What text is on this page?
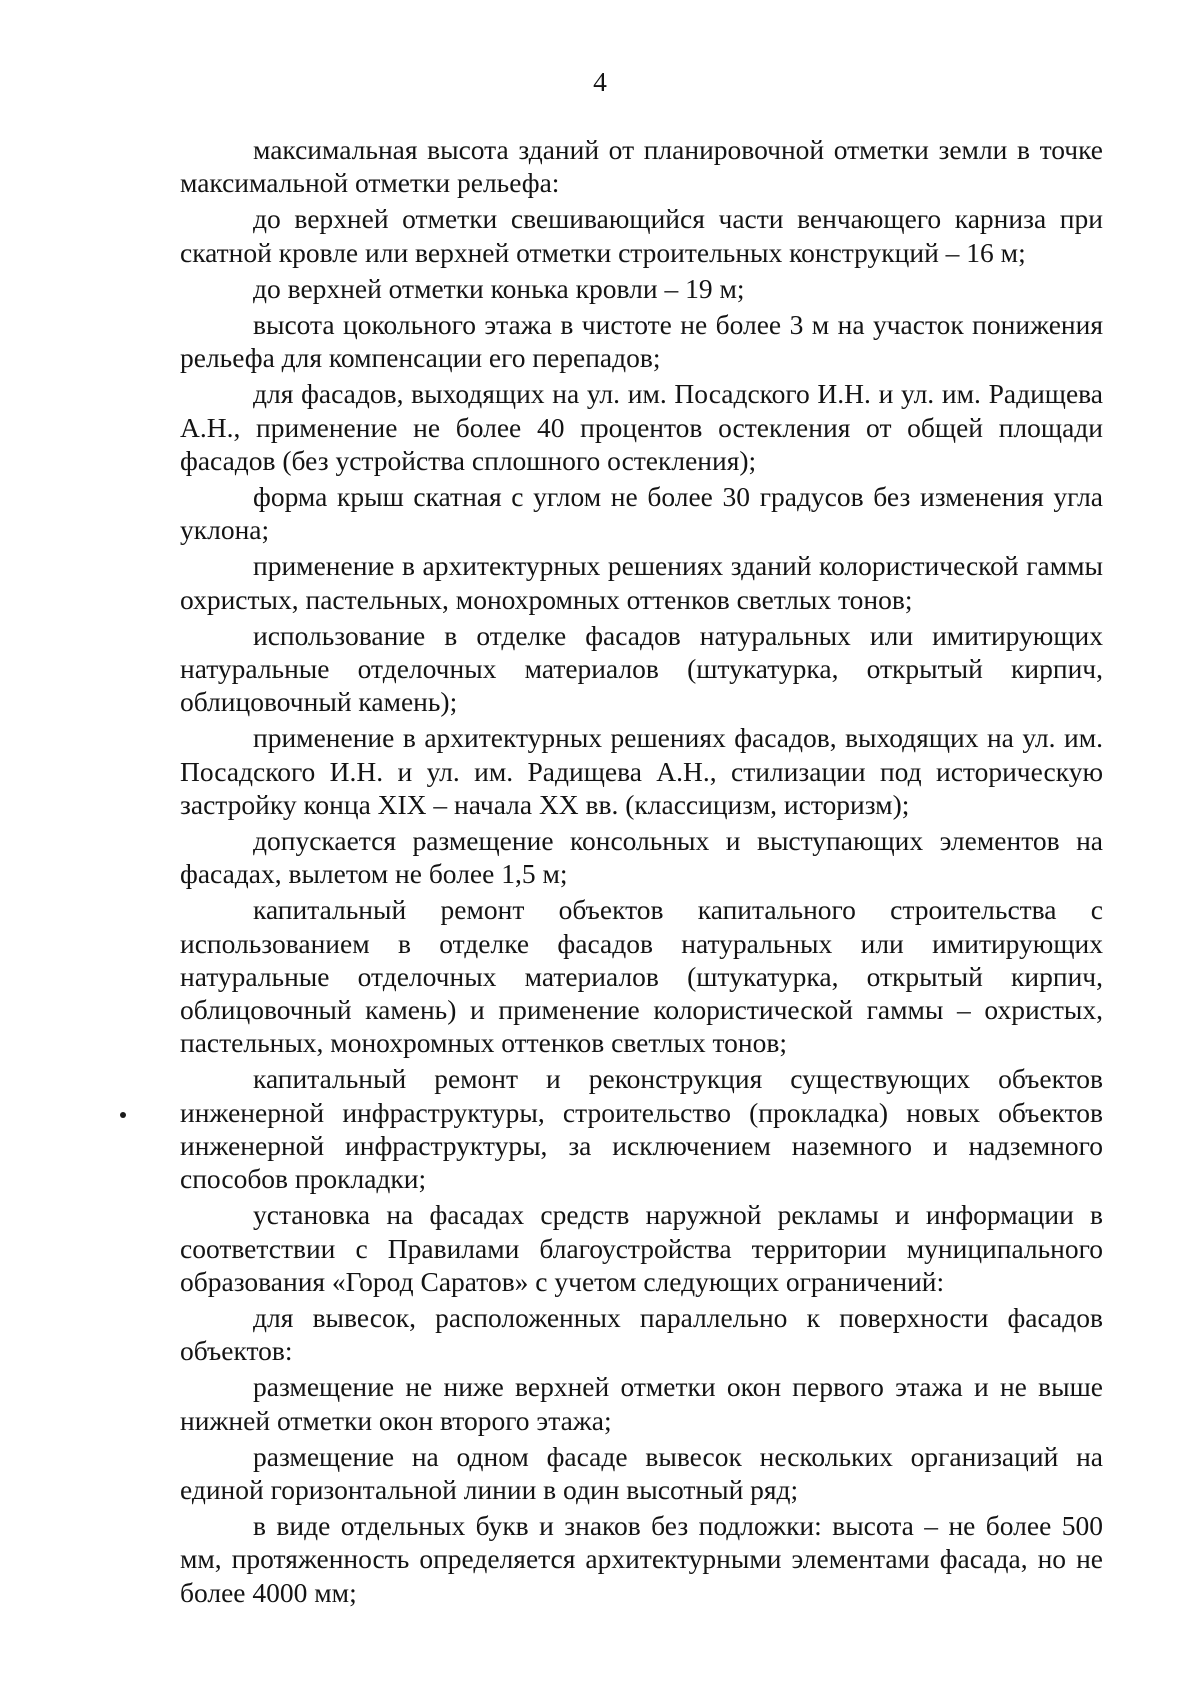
4

максимальная высота зданий от планировочной отметки земли в точке максимальной отметки рельефа:

до верхней отметки свешивающийся части венчающего карниза при скатной кровле или верхней отметки строительных конструкций – 16 м;

до верхней отметки конька кровли – 19 м;

высота цокольного этажа в чистоте не более 3 м на участок понижения рельефа для компенсации его перепадов;

для фасадов, выходящих на ул. им. Посадского И.Н. и ул. им. Радищева А.Н., применение не более 40 процентов остекления от общей площади фасадов (без устройства сплошного остекления);

форма крыш скатная с углом не более 30 градусов без изменения угла уклона;

применение в архитектурных решениях зданий колористической гаммы охристых, пастельных, монохромных оттенков светлых тонов;

использование в отделке фасадов натуральных или имитирующих натуральные отделочных материалов (штукатурка, открытый кирпич, облицовочный камень);

применение в архитектурных решениях фасадов, выходящих на ул. им. Посадского И.Н. и ул. им. Радищева А.Н., стилизации под историческую застройку конца XIX – начала XX вв. (классицизм, историзм);

допускается размещение консольных и выступающих элементов на фасадах, вылетом не более 1,5 м;

капитальный ремонт объектов капитального строительства с использованием в отделке фасадов натуральных или имитирующих натуральные отделочных материалов (штукатурка, открытый кирпич, облицовочный камень) и применение колористической гаммы – охристых, пастельных, монохромных оттенков светлых тонов;

капитальный ремонт и реконструкция существующих объектов инженерной инфраструктуры, строительство (прокладка) новых объектов инженерной инфраструктуры, за исключением наземного и надземного способов прокладки;

установка на фасадах средств наружной рекламы и информации в соответствии с Правилами благоустройства территории муниципального образования «Город Саратов» с учетом следующих ограничений:

для вывесок, расположенных параллельно к поверхности фасадов объектов:

размещение не ниже верхней отметки окон первого этажа и не выше нижней отметки окон второго этажа;

размещение на одном фасаде вывесок нескольких организаций на единой горизонтальной линии в один высотный ряд;

в виде отдельных букв и знаков без подложки: высота – не более 500 мм, протяженность определяется архитектурными элементами фасада, но не более 4000 мм;
